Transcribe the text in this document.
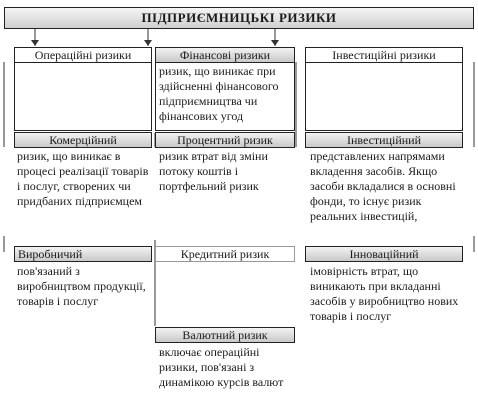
ПІДПРИЄМНИЦЬКІ РИЗИКИ
Операційні ризики	Фінансові ризики
ризик, що виникає при здійсненні фінансового підприємництва чи фінансових угод
Інвестиційні ризики
Комерційний
ризик, що виникає в процесі реалізації товарів і послуг, створених чи придбаних підприємцем
Процентний ризик
ризик втрат від зміни потоку коштів і портфельний ризик
Інвестиційний
представлених напрямами вкладення засобів. Якщо засоби вкладалися в основні фонди, то існує ризик реальних інвестицій,
Виробничий
пов'язаний з виробництвом продукції, товарів і послуг
Кредитний ризик	Інноваційний
імовірність втрат, що виникають при вкладанні засобів у виробництво нових товарів і послуг
Валютний ризик
включає операційні ризики, пов'язані з динамікою курсів валют
